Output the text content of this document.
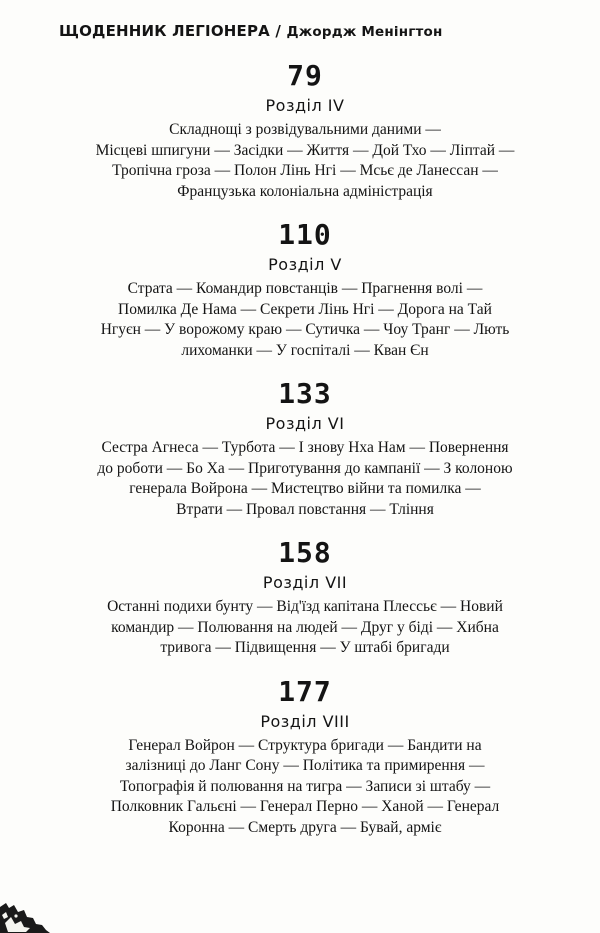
ЩОДЕННИК ЛЕГІОНЕРА / Джордж Менінгтон
79
Розділ IV
Складнощі з розвідувальними даними —
Місцеві шпигуни — Засідки — Життя — Дой Тхо — Ліптай —
Тропічна гроза — Полон Лінь Нгі — Мсьє де Ланессан —
Французька колоніальна адміністрація
110
Розділ V
Страта — Командир повстанців — Прагнення волі —
Помилка Де Нама — Секрети Лінь Нгі — Дорога на Тай
Нгуєн — У ворожому краю — Сутичка — Чоу Транг — Лють
лихоманки — У госпіталі — Кван Єн
133
Розділ VI
Сестра Агнеса — Турбота — І знову Нха Нам — Повернення
до роботи — Бо Ха — Приготування до кампанії — З колоною
генерала Войрона — Мистецтво війни та помилка —
Втрати — Провал повстання — Тління
158
Розділ VII
Останні подихи бунту — Від'їзд капітана Плессьє — Новий
командир — Полювання на людей — Друг у біді — Хибна
тривога — Підвищення — У штабі бригади
177
Розділ VIII
Генерал Войрон — Структура бригади — Бандити на
залізниці до Ланг Сону — Політика та примирення —
Топографія й полювання на тигра — Записи зі штабу —
Полковник Гальєні — Генерал Перно — Ханой — Генерал
Коронна — Смерть друга — Бувай, арміє
